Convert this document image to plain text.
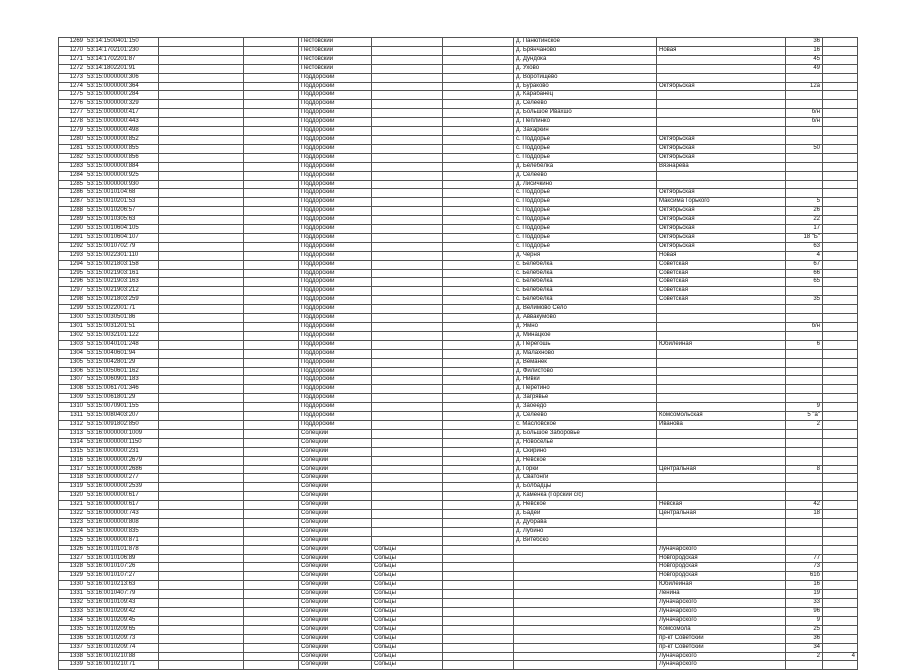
1269	53:14:1500401:150			Пестовский			д. Панютинское		36	
1270	53:14:1702101:230			Пестовский			д. Брянчаново	Новая	16	
1271	53:14:1702201:87			Пестовский			д. Дундока		45	
1272	53:14:1802201:91			Пестовский			д. Ухово		49	
1273	53:15:0000000:306			Поддорский			д. Воротищево			
1274	53:15:0000000:364			Поддорский			д. Бураково	Октябрьская	12а	
1275	53:15:0000000:284			Поддорский			д. Карабанец			
1276	53:15:0000000:329			Поддорский			д. Селеево			
1277	53:15:0000000:417			Поддорский			д. Большое Ивахшо		б/н	
1278	53:15:0000000:443			Поддорский			д. Пеплинко		б/н	
1279	53:15:0000000:498			Поддорский			д. Захаркин			
1280	53:15:0000000:852			Поддорский			с. Поддорье	Октябрьская		
1281	53:15:0000000:855			Поддорский			с. Поддорье	Октябрьская	50	
1282	53:15:0000000:856			Поддорский			с. Поддорье	Октябрьская		
1283	53:15:0000000:884			Поддорский			д. Белебёлка	Вязнарева		
1284	53:15:0000000:925			Поддорский			д. Селеево			
1285	53:15:0000000:930			Поддорский			д. Лисичкино			
1286	53:15:0010104:68			Поддорский			с. Поддорье	Октябрьская		
1287	53:15:0010201:53			Поддорский			с. Поддорье	Максима Горького	5	
1288	53:15:0010206:57			Поддорский			с. Поддорье	Октябрьская	26	
1289	53:15:0010305:63			Поддорский			с. Поддорье	Октябрьская	22	
1290	53:15:0010604:105			Поддорский			с. Поддорье	Октябрьская	17	
1291	53:15:0010604:107			Поддорский			с. Поддорье	Октябрьская	18 "Б"	
1292	53:15:0010702:79			Поддорский			с. Поддорье	Октябрьская	63	
1293	53:15:0022301:110			Поддорский			д. Черня	Новая	4	
1294	53:15:0021803:158			Поддорский			с. Белебёлка	Советская	67	
1295	53:15:0021903:161			Поддорский			с. Белебёлка	Советская	66	
1296	53:15:0021903:163			Поддорский			с. Белебёлка	Советская	65	
1297	53:15:0021903:212			Поддорский			с. Белебёлка	Советская		
1298	53:15:0021803:259			Поддорский			с. Белебёлка	Советская	35	
1299	53:15:0022001:71			Поддорский			д. Велимово Село			
1300	53:15:0030501:86			Поддорский			д. Аввакумово			
1301	53:15:0031201:51			Поддорский			д. Ямно		б/н	
1302	53:15:0032101:122			Поддорский			д. Минацкое			
1303	53:15:0040101:248			Поддорский			д. Перегошь	Юбилейная	6	
1304	53:15:0040601:94			Поддорский			д. Малахново			
1305	53:15:0042801:29			Поддорский			д. Веманек			
1306	53:15:0050601:162			Поддорский			д. Филистово			
1307	53:15:0060901:183			Поддорский			д. Нивки			
1308	53:15:0061701:346			Поддорский			д. Перетино			
1309	53:15:0061801:29			Поддорский			д. Загрявье			
1310	53:15:0070901:155			Поддорский			д. Заоеедо		9	
1311	53:15:0080403:207			Поддорский			д. Селеево	Комсомольская	5 "а"	
1312	53:15:0091802:850			Поддорский			с. Масловское	Иванова	2	
1313	53:16:0000000:1009			Солецкий			д. Большое Заборовье			
1314	53:16:0000000:1150			Солецкий			д. Новоселье			
1315	53:16:0000000:231			Солецкий			д. Скирино			
1316	53:16:0000000:2679			Солецкий			д. Невское			
1317	53:16:0000000:2686			Солецкий			д. Горки	Центральная	8	
1318	53:16:0000000:277			Солецкий			д. Сватонги			
1319	53:16:0000000:2539			Солецкий			д. Болбадцы			
1320	53:16:0000000:617			Солецкий			д. Каменка (Горский с/с)			
1321	53:16:0000000:617			Солецкий			д. Невское	Невская	42	
1322	53:16:0000000:743			Солецкий			д. Бадеи	Центральная	18	
1323	53:16:0000000:808			Солецкий			д. Дубрава			
1324	53:16:0000000:835			Солецкий			д. Лубино			
1325	53:16:0000000:871			Солецкий			д. Витебско			
1326	53:16:0010101:878			Солецкий	Сольцы			Луначарского		
1327	53:16:0010106:89			Солецкий	Сольцы			Новгородская	77	
1328	53:16:0010107:26			Солецкий	Сольцы			Новгородская	73	
1329	53:16:0010107:27			Солецкий	Сольцы			Новгородская	61б	
1330	53:16:0010213:63			Солецкий	Сольцы			Юбилейная	16	
1331	53:16:0010407:79			Солецкий	Сольцы			Ленина	19	
1332	53:16:0010109:43			Солецкий	Сольцы			Луначарского	33	
1333	53:16:0010209:42			Солецкий	Сольцы			Луначарского	96	
1334	53:16:0010209:45			Солецкий	Сольцы			Луначарского	9	
1335	53:16:0010209:65			Солецкий	Сольцы			Комсомола	25	
1336	53:16:0010209:73			Солецкий	Сольцы			пр-кт Советский	36	
1337	53:16:0010209:74			Солецкий	Сольцы			пр-кт Советский	34	
1338	53:16:0010210:88			Солецкий	Сольцы			Луначарского	2	4
1339	53:16:0010210:71			Солецкий	Сольцы			Луначарского		
